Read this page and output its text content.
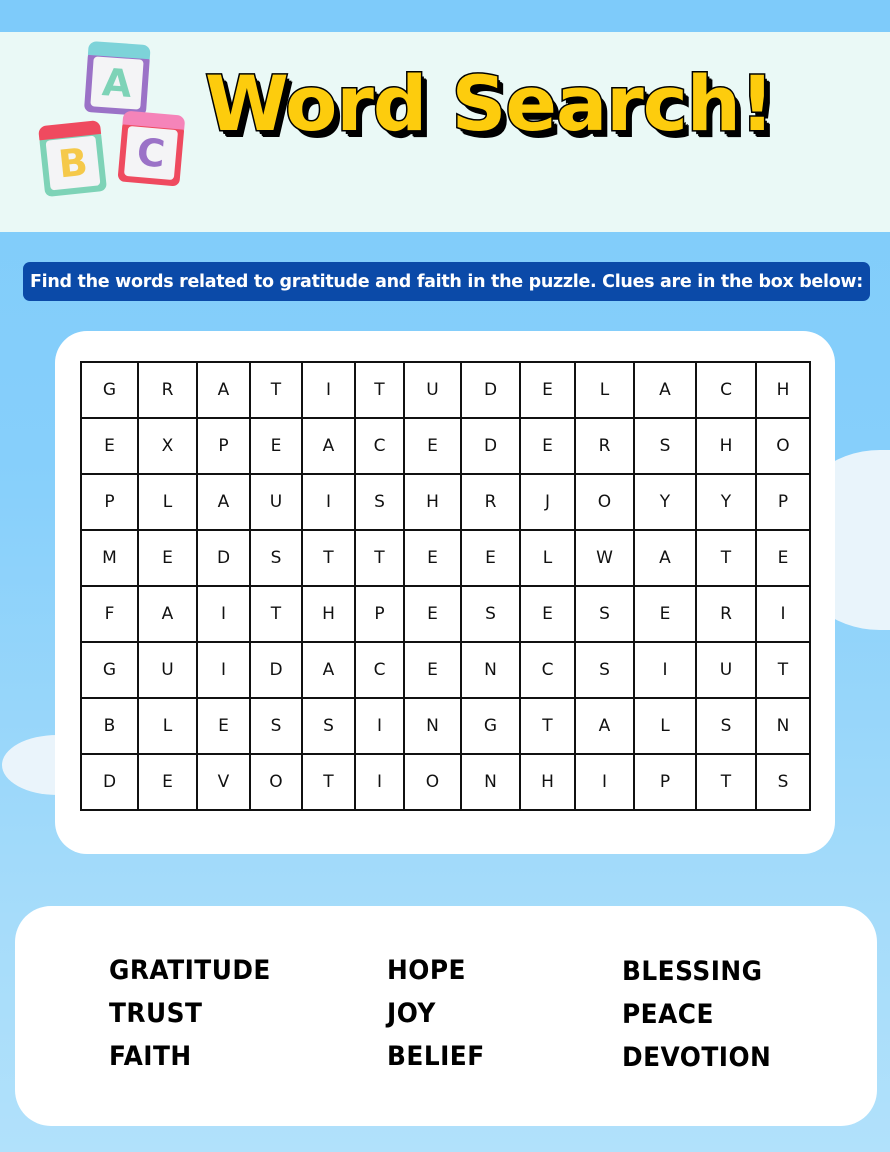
A
B C
Word Search!
Find the words related to gratitude and faith in the puzzle. Clues are in the box below:
G	R	A	T	I	T	U	D	E	L	A	C	H
E	X	P	E	A	C	E	D	E	R	S	H	O
P	L	A	U	I	S	H	R	J	O	Y	Y	P
M	E	D	S	T	T	E	E	L	W	A	T	E
F	A	I	T	H	P	E	S	E	S	E	R	I
G	U	I	D	A	C	E	N	C	S	I	U	T
B	L	E	S	S	I	N	G	T	A	L	S	N
D	E	V	O	T	I	O	N	H	I	P	T	S
GRATITUDE
TRUST
FAITH
HOPE
JOY
BELIEF
BLESSING
PEACE
DEVOTION
